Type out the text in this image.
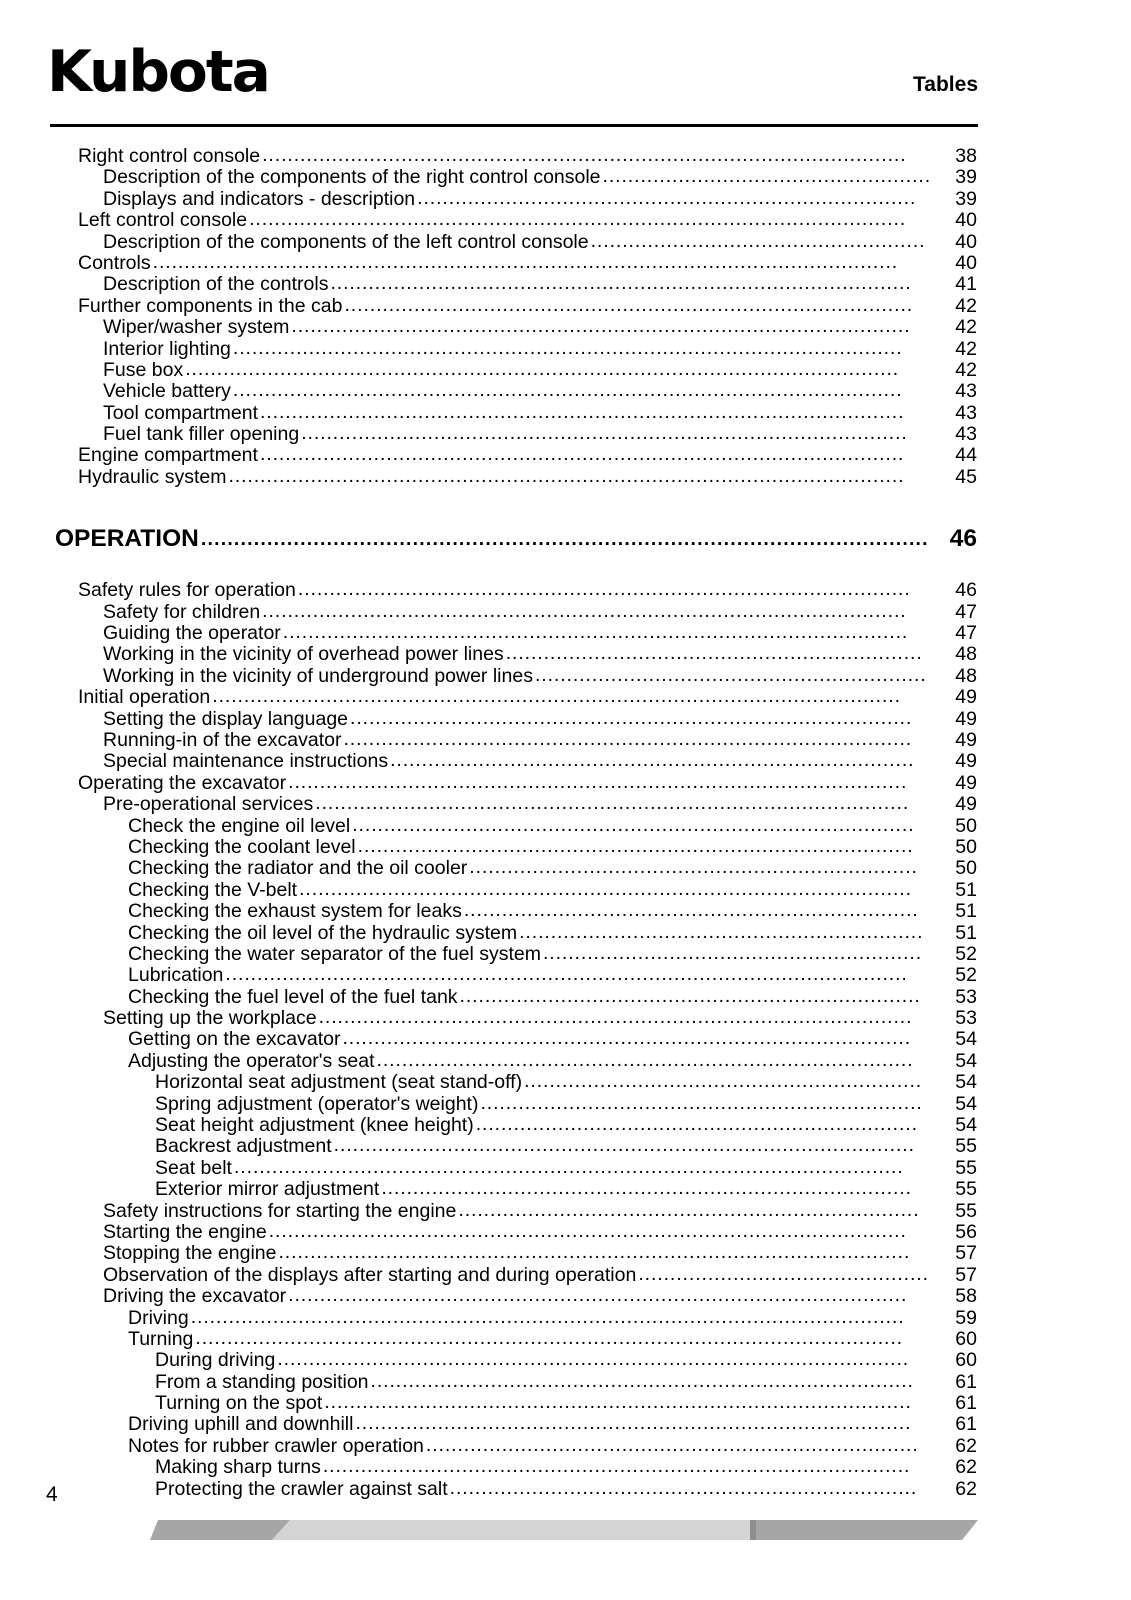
Kubota	Tables
Right control console ......................................................................................................	38
Description of the components of the right control console ....................................................	39
Displays and indicators - description ...............................................................................	39
Left control console ........................................................................................................	40
Description of the components of the left control console .....................................................	40
Controls ......................................................................................................................	40
Description of the controls ............................................................................................	41
Further components in the cab ..........................................................................................	42
Wiper/washer system ..................................................................................................	42
Interior lighting ..........................................................................................................	42
Fuse box .................................................................................................................	42
Vehicle battery ..........................................................................................................	43
Tool compartment ......................................................................................................	43
Fuel tank filler opening ................................................................................................	43
Engine compartment ......................................................................................................	44
Hydraulic system ...........................................................................................................	45
OPERATION .............................................................................................................. 46
Safety rules for operation .................................................................................................	46
Safety for children ......................................................................................................	47
Guiding the operator ...................................................................................................	47
Working in the vicinity of overhead power lines ..................................................................	48
Working in the vicinity of underground power lines ..............................................................	48
Initial operation .............................................................................................................	49
Setting the display language .........................................................................................	49
Running-in of the excavator ..........................................................................................	49
Special maintenance instructions ...................................................................................	49
Operating the excavator ..................................................................................................	49
Pre-operational services ..............................................................................................	49
Check the engine oil level .........................................................................................	50
Checking the coolant level ........................................................................................	50
Checking the radiator and the oil cooler .......................................................................	50
Checking the V-belt .................................................................................................	51
Checking the exhaust system for leaks ........................................................................	51
Checking the oil level of the hydraulic system ................................................................	51
Checking the water separator of the fuel system ............................................................	52
Lubrication ............................................................................................................	52
Checking the fuel level of the fuel tank .........................................................................	53
Setting up the workplace ..............................................................................................	53
Getting on the excavator ..........................................................................................	54
Adjusting the operator's seat .....................................................................................	54
Horizontal seat adjustment (seat stand-off) ...............................................................	54
Spring adjustment (operator's weight) ......................................................................	54
Seat height adjustment (knee height) ......................................................................	54
Backrest adjustment ............................................................................................	55
Seat belt ..........................................................................................................	55
Exterior mirror adjustment ....................................................................................	55
Safety instructions for starting the engine .........................................................................	55
Starting the engine .....................................................................................................	56
Stopping the engine ....................................................................................................	57
Observation of the displays after starting and during operation ..............................................	57
Driving the excavator ..................................................................................................	58
Driving .................................................................................................................	59
Turning ................................................................................................................	60
During driving ....................................................................................................	60
From a standing position ......................................................................................	61
Turning on the spot .............................................................................................	61
Driving uphill and downhill ........................................................................................	61
Notes for rubber crawler operation ..............................................................................	62
Making sharp turns .............................................................................................	62
Protecting the crawler against salt ..........................................................................	62
4
